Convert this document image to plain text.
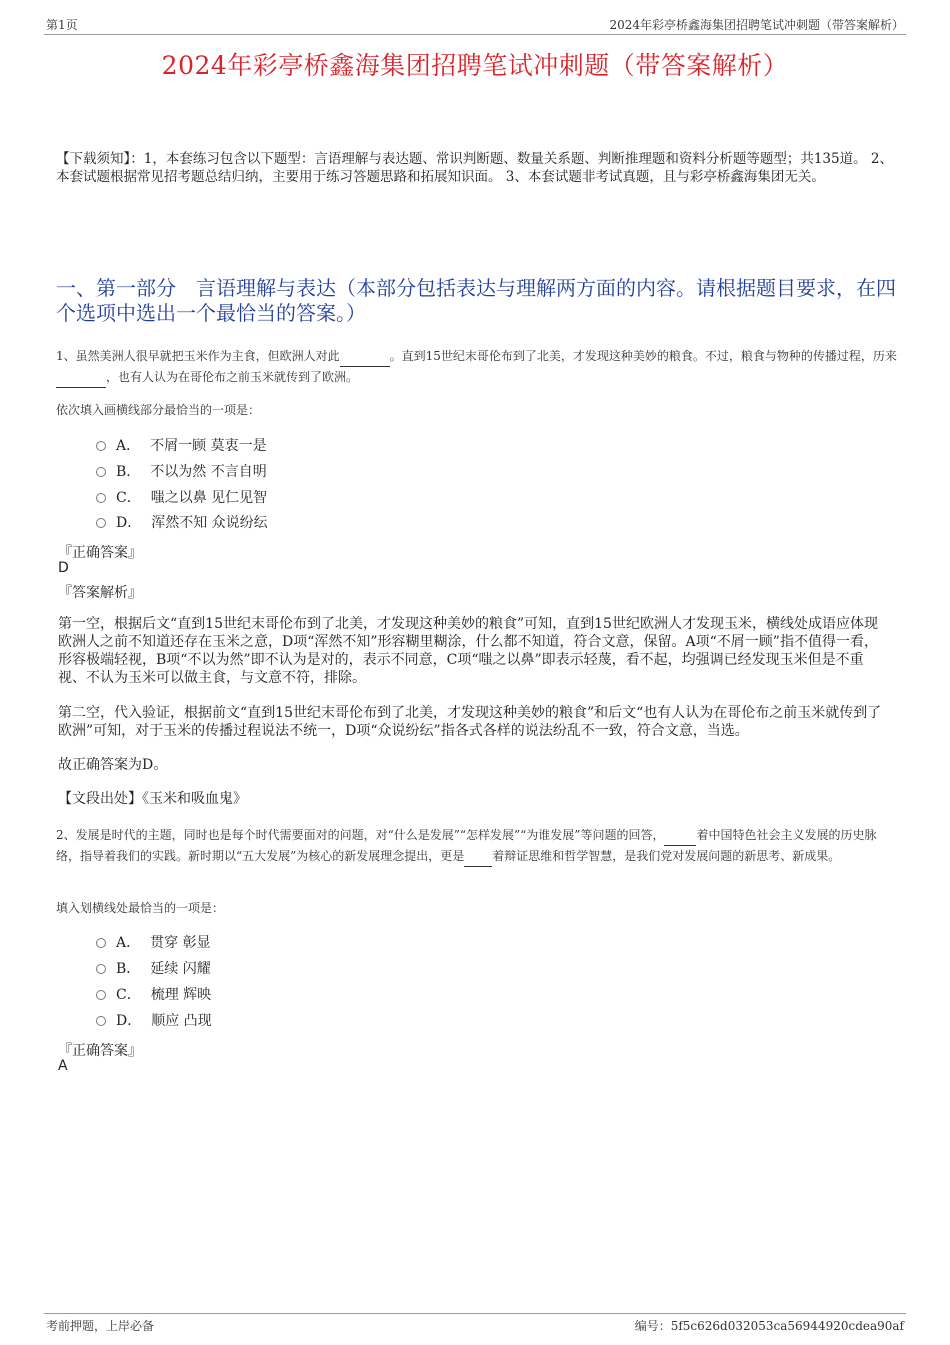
第1页	2024年彩亭桥鑫海集团招聘笔试冲刺题（带答案解析）
2024年彩亭桥鑫海集团招聘笔试冲刺题（带答案解析）
【下载须知】：1，本套练习包含以下题型：言语理解与表达题、常识判断题、数量关系题、判断推理题和资料分析题等题型；共135道。 2、本套试题根据常见招考题总结归纳，主要用于练习答题思路和拓展知识面。 3、本套试题非考试真题，且与彩亭桥鑫海集团无关。
一、第一部分　言语理解与表达（本部分包括表达与理解两方面的内容。请根据题目要求，在四个选项中选出一个最恰当的答案。）
1、虽然美洲人很早就把玉米作为主食，但欧洲人对此	。直到15世纪末哥伦布到了北美，才发现这种美妙的粮食。不过，粮食与物种的传播过程，历来 ，也有人认为在哥伦布之前玉米就传到了欧洲。
依次填入画横线部分最恰当的一项是：
A． 不屑一顾 莫衷一是
B． 不以为然 不言自明
C． 嗤之以鼻 见仁见智
D． 浑然不知 众说纷纭
『正确答案』
D
『答案解析』
第一空，根据后文“直到15世纪末哥伦布到了北美，才发现这种美妙的粮食”可知，直到15世纪欧洲人才发现玉米，横线处成语应体现欧洲人之前不知道还存在玉米之意，D项“浑然不知”形容糊里糊涂，什么都不知道，符合文意，保留。A项“不屑一顾”指不值得一看，形容极端轻视，B项“不以为然”即不认为是对的，表示不同意，C项“嗤之以鼻”即表示轻蔑，看不起，均强调已经发现玉米但是不重视、不认为玉米可以做主食，与文意不符，排除。
第二空，代入验证，根据前文“直到15世纪末哥伦布到了北美，才发现这种美妙的粮食”和后文“也有人认为在哥伦布之前玉米就传到了欧洲”可知，对于玉米的传播过程说法不统一，D项“众说纷纭”指各式各样的说法纷乱不一致，符合文意，当选。
故正确答案为D。
【文段出处】《玉米和吸血鬼》
2、发展是时代的主题，同时也是每个时代需要面对的问题，对“什么是发展”“怎样发展”“为谁发展”等问题的回答，	着中国特色社会主义发展的历史脉络，指导着我们的实践。新时期以“五大发展”为核心的新发展理念提出，更是 着辩证思维和哲学智慧，是我们党对发展问题的新思考、新成果。
填入划横线处最恰当的一项是：
A． 贯穿 彰显
B． 延续 闪耀
C． 梳理 辉映
D． 顺应 凸现
『正确答案』
A
考前押题，上岸必备	编号：5f5c626d032053ca56944920cdea90af
